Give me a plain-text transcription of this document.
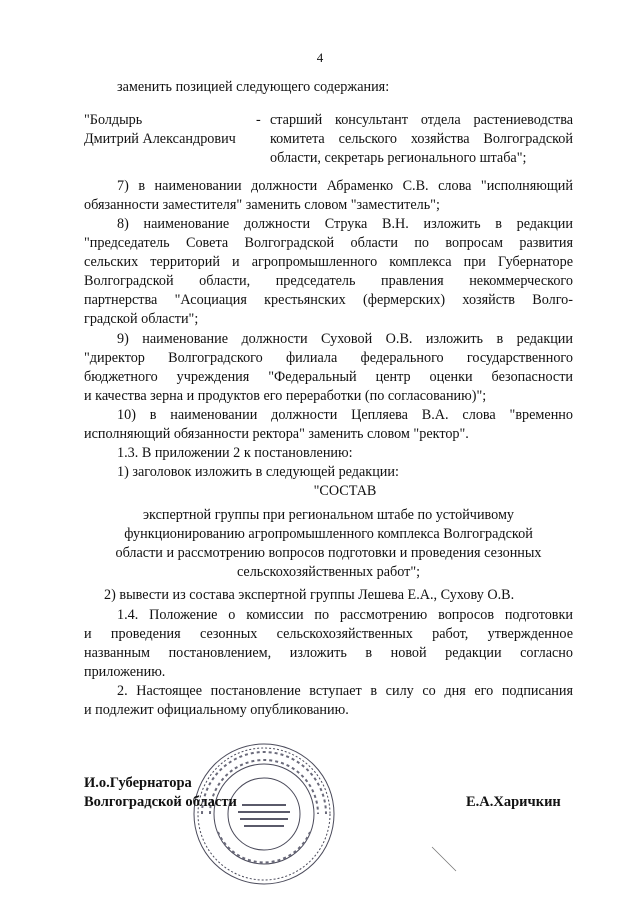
4
заменить позицией следующего содержания:
"Болдырь
Дмитрий Александрович
- старший консультант отдела растениеводства
комитета сельского хозяйства Волгоградской
области, секретарь регионального штаба";
7) в наименовании должности Абраменко С.В. слова "исполняющий
обязанности заместителя" заменить словом "заместитель";
8) наименование должности Струка В.Н. изложить в редакции
"председатель Совета Волгоградской области по вопросам развития
сельских территорий и агропромышленного комплекса при Губернаторе
Волгоградской области, председатель правления некоммерческого
партнерства "Асоциация крестьянских (фермерских) хозяйств Волго-
градской области";
9) наименование должности Суховой О.В. изложить в редакции
"директор Волгоградского филиала федерального государственного
бюджетного учреждения "Федеральный центр оценки безопасности
и качества зерна и продуктов его переработки (по согласованию)";
10) в наименовании должности Цепляева В.А. слова "временно
исполняющий обязанности ректора" заменить словом "ректор".
1.3. В приложении 2 к постановлению:
1) заголовок изложить в следующей редакции:
"СОСТАВ
экспертной группы при региональном штабе по устойчивому
функционированию агропромышленного комплекса Волгоградской
области и рассмотрению вопросов подготовки и проведения сезонных
сельскохозяйственных работ";
2) вывести из состава экспертной группы Лешева Е.А., Сухову О.В.
1.4. Положение о комиссии по рассмотрению вопросов подготовки
и проведения сезонных сельскохозяйственных работ, утвержденное
названным постановлением, изложить в новой редакции согласно
приложению.
2. Настоящее постановление вступает в силу со дня его подписания
и подлежит официальному опубликованию.
И.о.Губернатора
Волгоградской области	Е.А.Харичкин
